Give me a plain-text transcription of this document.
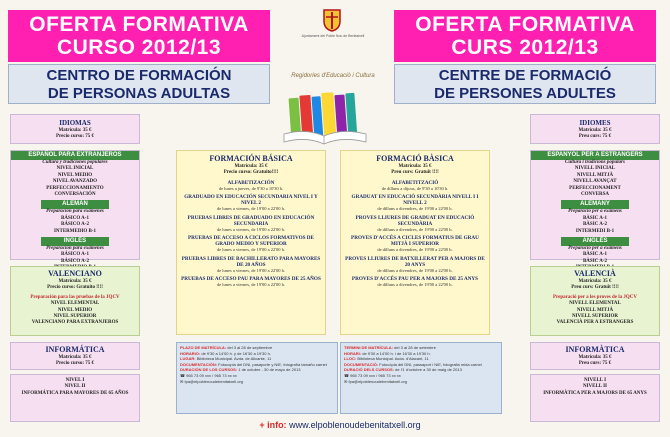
OFERTA FORMATIVA
CURSO 2012/13
CENTRO DE FORMACIÓN
DE PERSONAS ADULTAS
OFERTA FORMATIVA
CURS 2012/13
CENTRE DE FORMACIÓ
DE PERSONES ADULTES
Ajuntament del Poble Nou de Benitatxell
Regidories d'Educació i Cultura
IDIOMAS
Matrícula: 35 €
Precio curso: 75 €
ESPAÑOL PARA EXTRANJEROS
Cultura y tradiciones populares
NIVEL INICIAL
NIVEL MEDIO
NIVEL AVANZADO
PERFECCIONAMIENTO
CONVERSACIÓN
ALEMÁN
Preparación para exámenes
BÁSICO A-1
BÁSICO A-2
INTERMEDIO B-1
INGLÉS
Preparación para exámenes
BÁSICO A-1
BÁSICO A-2
VALENCIANO
Matrícula: 35 €
Precio curso: Gratuito !!!!
Preparación para las pruebas de la JQCV
NIVEL ELEMENTAL
NIVEL MEDIO
NIVEL SUPERIOR
VALENCIANO PARA EXTRANJEROS
INFORMÁTICA
Matrícula: 35 €
Precio curso: 75 €
NIVEL I
NIVEL II
INFORMÁTICA PARA MAYORES DE 65 AÑOS
IDIOMES
Matrícula: 35 €
Preu curs: 75 €
ESPANYOL PER A ESTRANGERS
Cultura i tradicions populars
NIVELL INICIAL
NIVELL MITJÀ
NIVELL AVANÇAT
PERFECCIONAMENT
CONVERSA
ALEMANY
Preparació per a exàmens
BÀSIC A-1
BÀSIC A-2
INTERMEDI B-1
ANGLÉS
Preparació per a exàmens
BÀSIC A-1
BÀSIC A-2
VALENCIÀ
Matrícula: 35 €
Preu curs: Gratuït !!!!
Preparació per a les proves de la JQCV
NIVELL ELEMENTAL
NIVELL MITJÀ
NIVELL SUPERIOR
VALENCIÀ PER A ESTRANGERS
INFORMÀTICA
Matrícula: 35 €
Preu curs: 75 €
NIVELL I
NIVELL II
INFORMÀTICA PER A MAJORS DE 65 ANYS
FORMACIÓN BÁSICA
Matrícula: 35 €
Precio curso: Gratuito!!!!
ALFABETIZACIÓN
de lunes a jueves, de 9'30 a 10'30 h.
GRADUADO EN EDUCACIÓN SECUNDARIA NIVEL I Y NIVEL 2
de lunes a viernes, de 19'00 a 22'00 h.
PRUEBAS LIBRES DE GRADUADO EN EDUCACIÓN SECUNDARIA
de lunes a viernes, de 19'00 a 22'00 h.
PRUEBAS DE ACCESO A CICLOS FORMATIVOS DE GRADO MEDIO Y SUPERIOR
de lunes a viernes, de 19'00 a 22'00 h.
PRUEBAS LIBRES DE BACHILLERATO PARA MAYORES DE 20 AÑOS
de lunes a viernes, de 19'00 a 22'00 h.
PRUEBAS DE ACCESO PAU PARA MAYORES DE 25 AÑOS
de lunes a viernes, de 19'00 a 22'00 h.
FORMACIÓ BÀSICA
Matrícula: 35 €
Preu curs: Gratuït !!!!
ALFABETITZACIÓ
de dilluns a dijous, de 9'30 a 10'30 h.
GRADUAT EN EDUCACIÓ SECUNDÀRIA NIVELL I I NIVELL 2
de dilluns a divendres, de 19'00 a 22'00 h.
PROVES LLIURES DE GRADUAT EN EDUCACIÓ SECUNDÀRIA
de dilluns a divendres, de 19'00 a 22'00 h.
PROVES D'ACCÉS A CICLES FORMATIUS DE GRAU MITJÀ I SUPERIOR
de dilluns a divendres, de 19'00 a 22'00 h.
PROVES LLIURES DE BATXILLERAT PER A MAJORS DE 20 ANYS
de dilluns a divendres, de 19'00 a 22'00 h.
PROVES D'ACCÉS PAU PER A MAJORS DE 25 ANYS
de dilluns a divendres, de 19'00 a 22'00 h.
PLAZO DE MATRÍCULA: del 3 al 28 de septiembre
HORARIO: de 9'30 a 14'00 h. y de 16'30 a 19'30 h.
LUGAR: Biblioteca Municipal. Avda. de Alicante, 11
DOCUMENTACIÓN: Fotocopia del DNI, pasaporte y NIE, fotografía tamaño carnet
DURACIÓN DE LOS CURSOS: 1 de octubre - 30 de mayo de 2013
☎ 965 73 09 xxx / 965 73 xx xx
✉ fpa@elpoblenoudebenitatxell.org
TERMINI DE MATRÍCULA: del 3 al 28 de setembre
HORARI: de 9'30 a 14'00 h. i de 16'30 a 19'30 h.
LLOC: Biblioteca Municipal. Avda. d'Alacant, 11
DOCUMENTACIÓ: Fotocòpia del DNI, passaport i NIE, fotografia mida carnet
DURACIÓ DELS CURSOS: de l'1 d'octubre a 30 de maig de 2013
☎ 965 73 09 xxx / 965 73 xx xx
✉ fpa@elpoblenoudebenitatxell.org
+ info: www.elpoblenoudebenitatxell.org
